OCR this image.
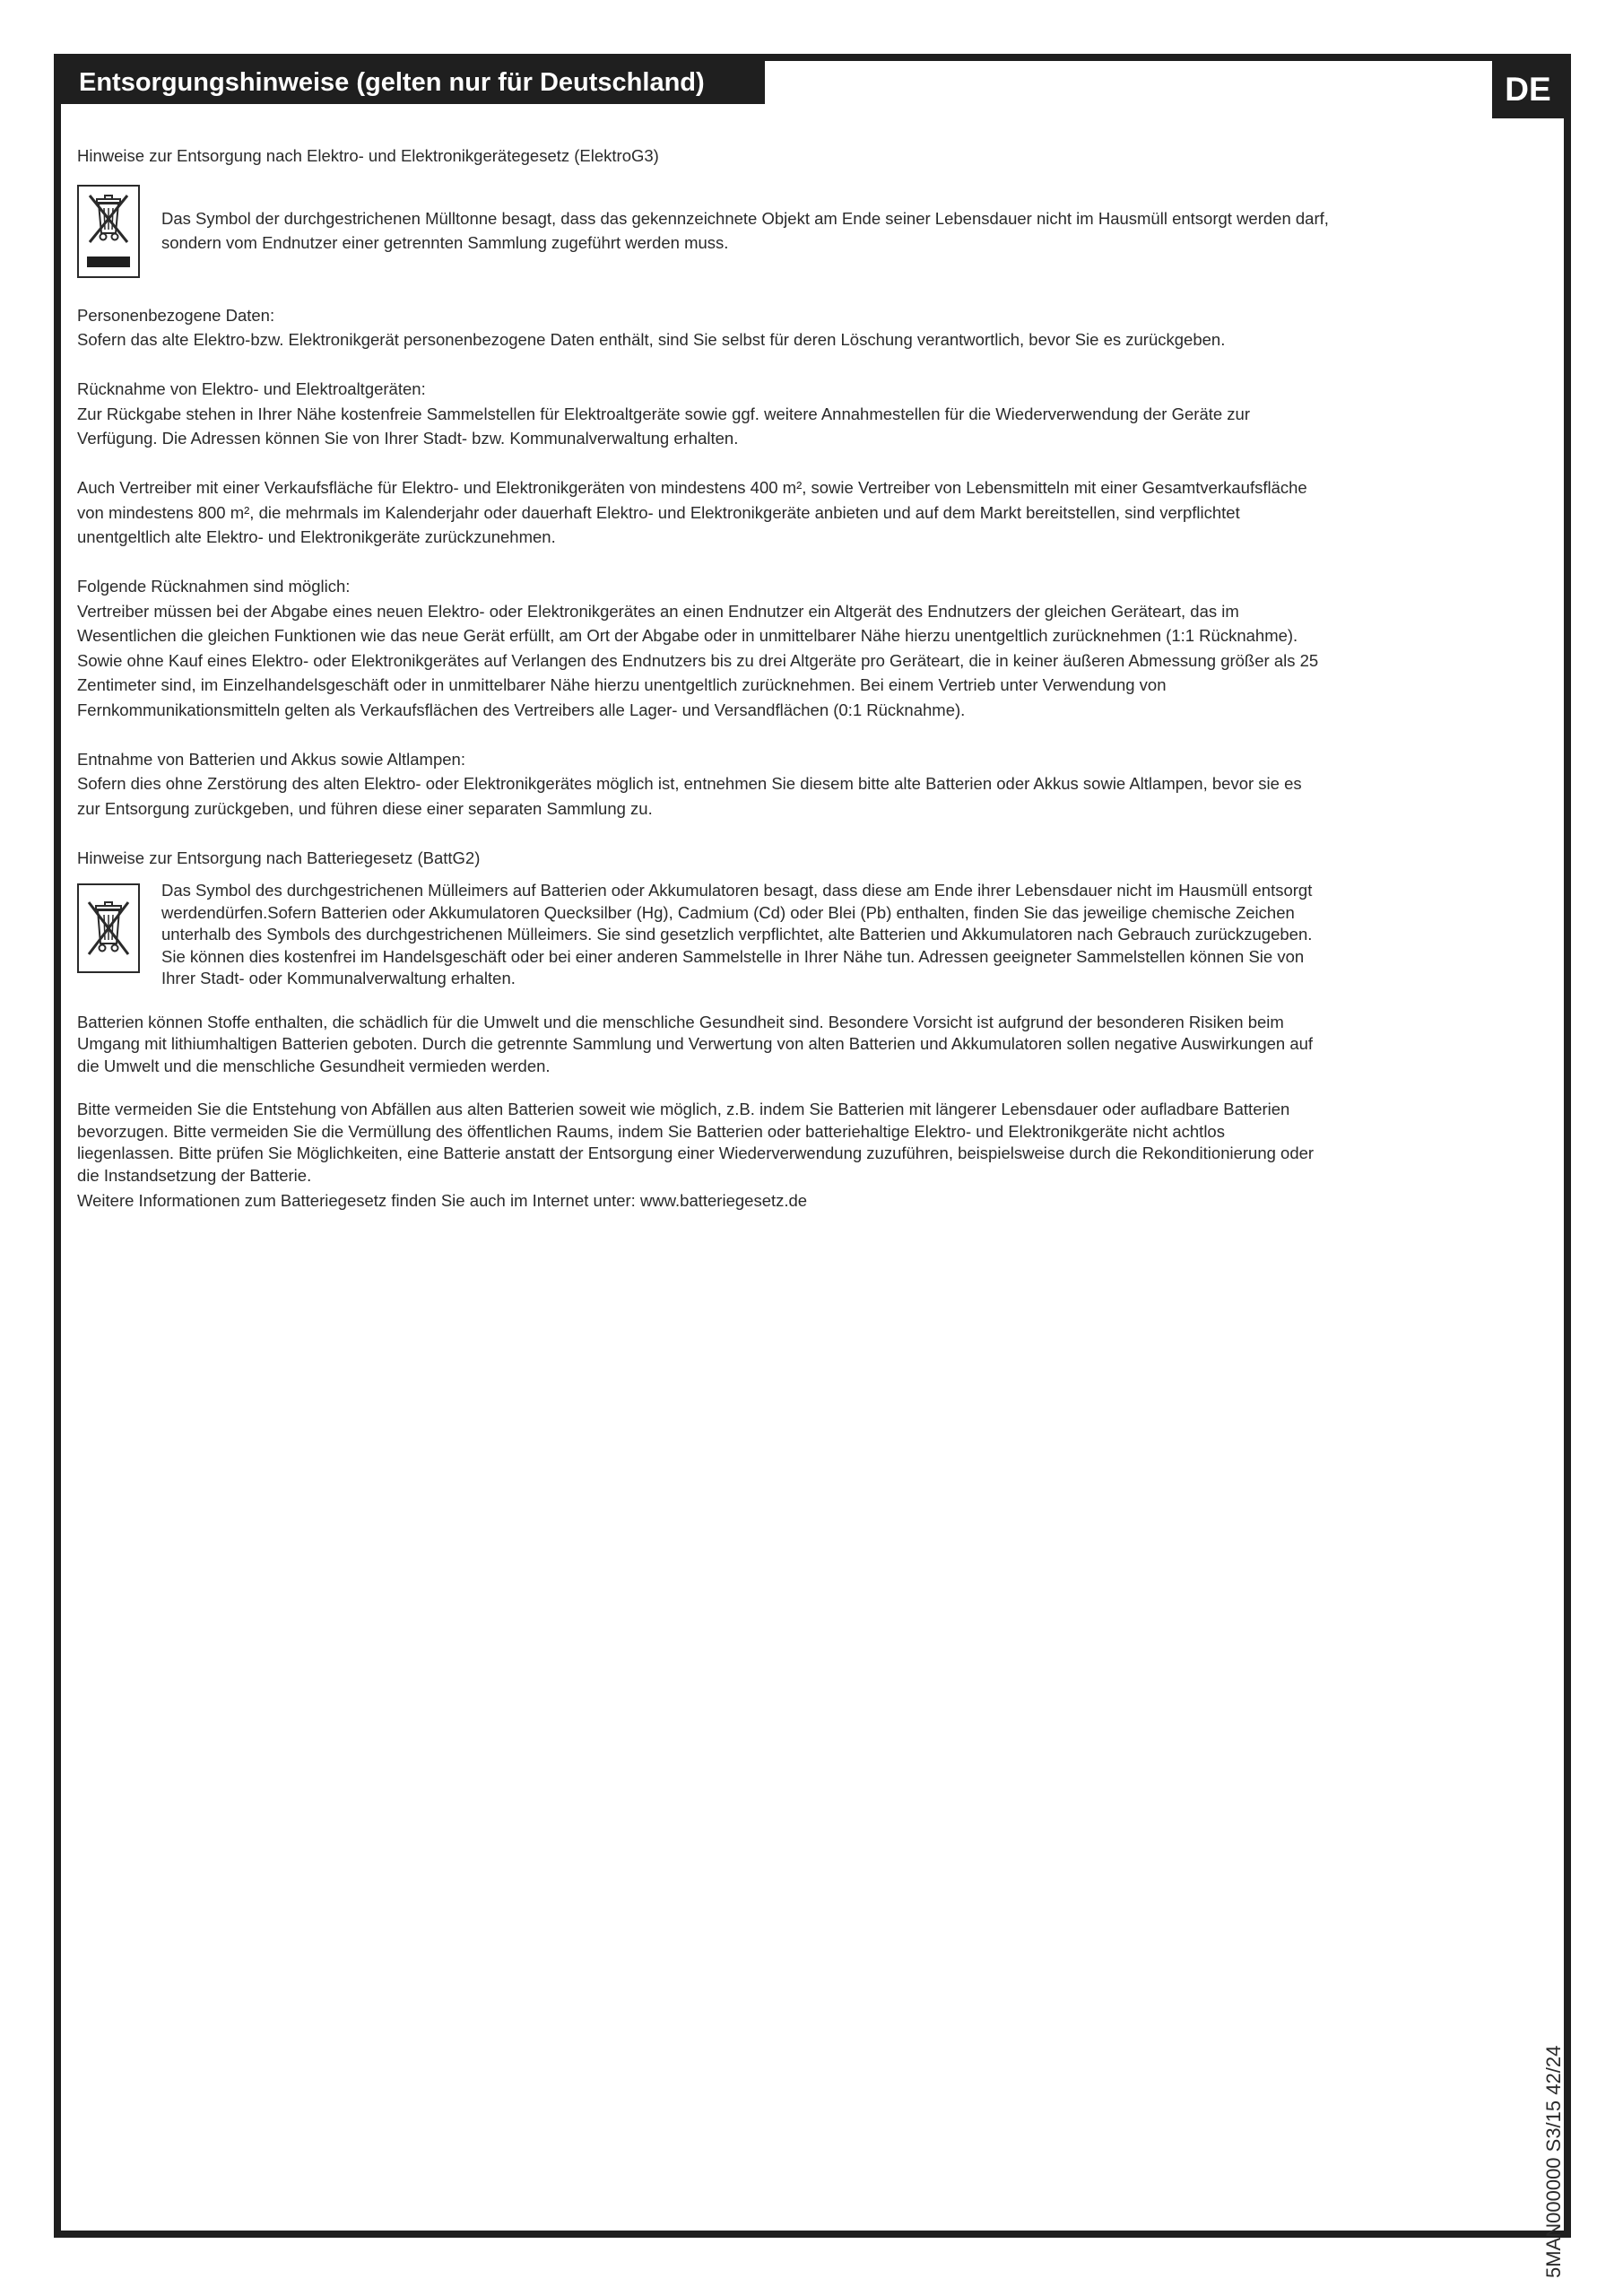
Entsorgungshinweise (gelten nur für Deutschland)	DE

Hinweise zur Entsorgung nach Elektro- und Elektronikgerätegesetz (ElektroG3)

Das Symbol der durchgestrichenen Mülltonne besagt, dass das gekennzeichnete Objekt am Ende seiner Lebensdauer nicht im Hausmüll entsorgt werden darf,

sondern vom Endnutzer einer getrennten Sammlung zugeführt werden muss.

Personenbezogene Daten:

Sofern das alte Elektro-bzw. Elektronikgerät personenbezogene Daten enthält, sind Sie selbst für deren Löschung verantwortlich, bevor Sie es zurückgeben.

Rücknahme von Elektro- und Elektroaltgeräten:

Zur Rückgabe stehen in Ihrer Nähe kostenfreie Sammelstellen für Elektroaltgeräte sowie ggf. weitere Annahmestellen für die Wiederverwendung der Geräte zur

Verfügung. Die Adressen können Sie von Ihrer Stadt- bzw. Kommunalverwaltung erhalten.

Auch Vertreiber mit einer Verkaufsfläche für Elektro- und Elektronikgeräten von mindestens 400 m², sowie Vertreiber von Lebensmitteln mit einer Gesamtverkaufsfläche

von mindestens 800 m², die mehrmals im Kalenderjahr oder dauerhaft Elektro- und Elektronikgeräte anbieten und auf dem Markt bereitstellen, sind verpflichtet

unentgeltlich alte Elektro- und Elektronikgeräte zurückzunehmen.

Folgende Rücknahmen sind möglich:

Vertreiber müssen bei der Abgabe eines neuen Elektro- oder Elektronikgerätes an einen Endnutzer ein Altgerät des Endnutzers der gleichen Geräteart, das im

Wesentlichen die gleichen Funktionen wie das neue Gerät erfüllt, am Ort der Abgabe oder in unmittelbarer Nähe hierzu unentgeltlich zurücknehmen (1:1 Rücknahme).

Sowie ohne Kauf eines Elektro- oder Elektronikgerätes auf Verlangen des Endnutzers bis zu drei Altgeräte pro Geräteart, die in keiner äußeren Abmessung größer als 25

Zentimeter sind, im Einzelhandelsgeschäft oder in unmittelbarer Nähe hierzu unentgeltlich zurücknehmen. Bei einem Vertrieb unter Verwendung von

Fernkommunikationsmitteln gelten als Verkaufsflächen des Vertreibers alle Lager- und Versandflächen (0:1 Rücknahme).

Entnahme von Batterien und Akkus sowie Altlampen:

Sofern dies ohne Zerstörung des alten Elektro- oder Elektronikgerätes möglich ist, entnehmen Sie diesem bitte alte Batterien oder Akkus sowie Altlampen, bevor sie es

zur Entsorgung zurückgeben, und führen diese einer separaten Sammlung zu.

Hinweise zur Entsorgung nach Batteriegesetz (BattG2)

Das Symbol des durchgestrichenen Mülleimers auf Batterien oder Akkumulatoren besagt, dass diese am Ende ihrer Lebensdauer nicht im Hausmüll entsorgt

werdendürfen.Sofern Batterien oder Akkumulatoren Quecksilber (Hg), Cadmium (Cd) oder Blei (Pb) enthalten, finden Sie das jeweilige chemische Zeichen

unterhalb des Symbols des durchgestrichenen Mülleimers. Sie sind gesetzlich verpflichtet, alte Batterien und Akkumulatoren nach Gebrauch zurückzugeben.

Sie können dies kostenfrei im Handelsgeschäft oder bei einer anderen Sammelstelle in Ihrer Nähe tun. Adressen geeigneter Sammelstellen können Sie von

Ihrer Stadt- oder Kommunalverwaltung erhalten.

Batterien können Stoffe enthalten, die schädlich für die Umwelt und die menschliche Gesundheit sind. Besondere Vorsicht ist aufgrund der besonderen Risiken beim

Umgang mit lithiumhaltigen Batterien geboten. Durch die getrennte Sammlung und Verwertung von alten Batterien und Akkumulatoren sollen negative Auswirkungen auf

die Umwelt und die menschliche Gesundheit vermieden werden.

Bitte vermeiden Sie die Entstehung von Abfällen aus alten Batterien soweit wie möglich, z.B. indem Sie Batterien mit längerer Lebensdauer oder aufladbare Batterien

bevorzugen. Bitte vermeiden Sie die Vermüllung des öffentlichen Raums, indem Sie Batterien oder batteriehaltige Elektro- und Elektronikgeräte nicht achtlos

liegenlassen. Bitte prüfen Sie Möglichkeiten, eine Batterie anstatt der Entsorgung einer Wiederverwendung zuzuführen, beispielsweise durch die Rekonditionierung oder

die Instandsetzung der Batterie.

Weitere Informationen zum Batteriegesetz finden Sie auch im Internet unter: www.batteriegesetz.de

5MAN000000 S3/15 42/24
